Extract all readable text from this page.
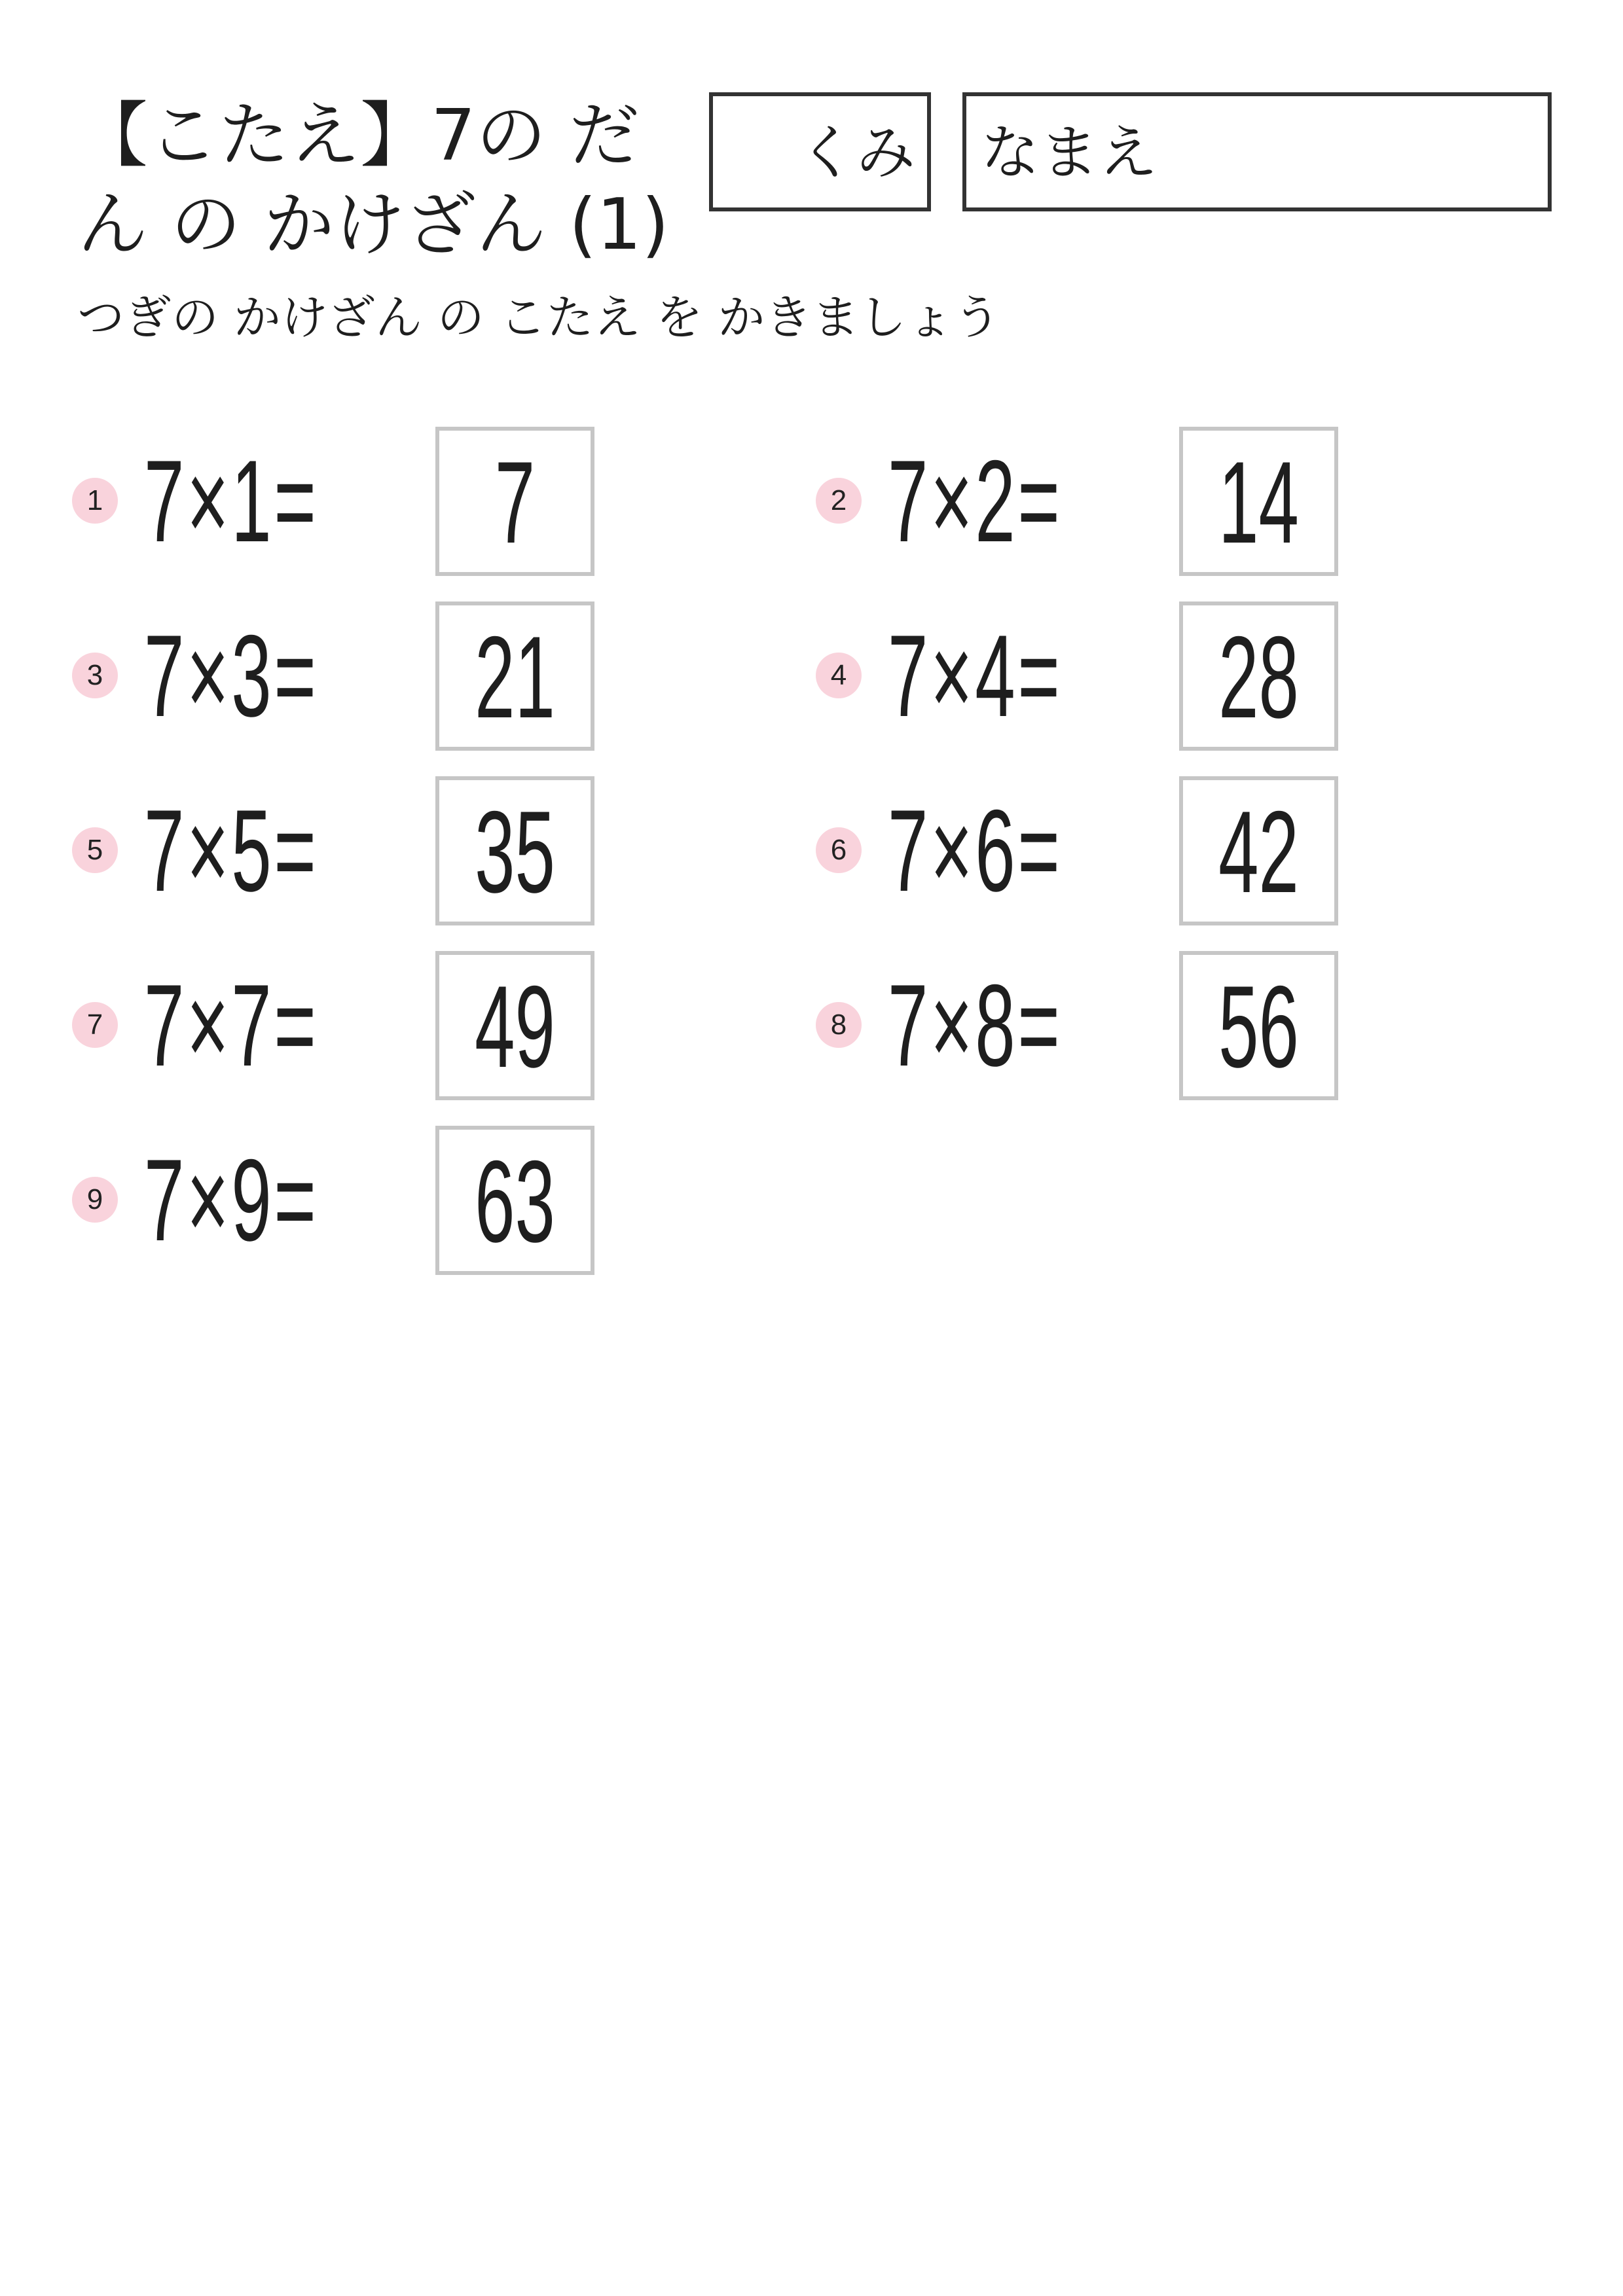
【こたえ】7の だん の かけざん (1)
くみ なまえ

つぎの かけざん の こたえ を かきましょう

1 7×1= 7
3 7×3= 21
5 7×5= 35
7 7×7= 49
9 7×9= 63
2 7×2= 14
4 7×4= 28
6 7×6= 42
8 7×8= 56
